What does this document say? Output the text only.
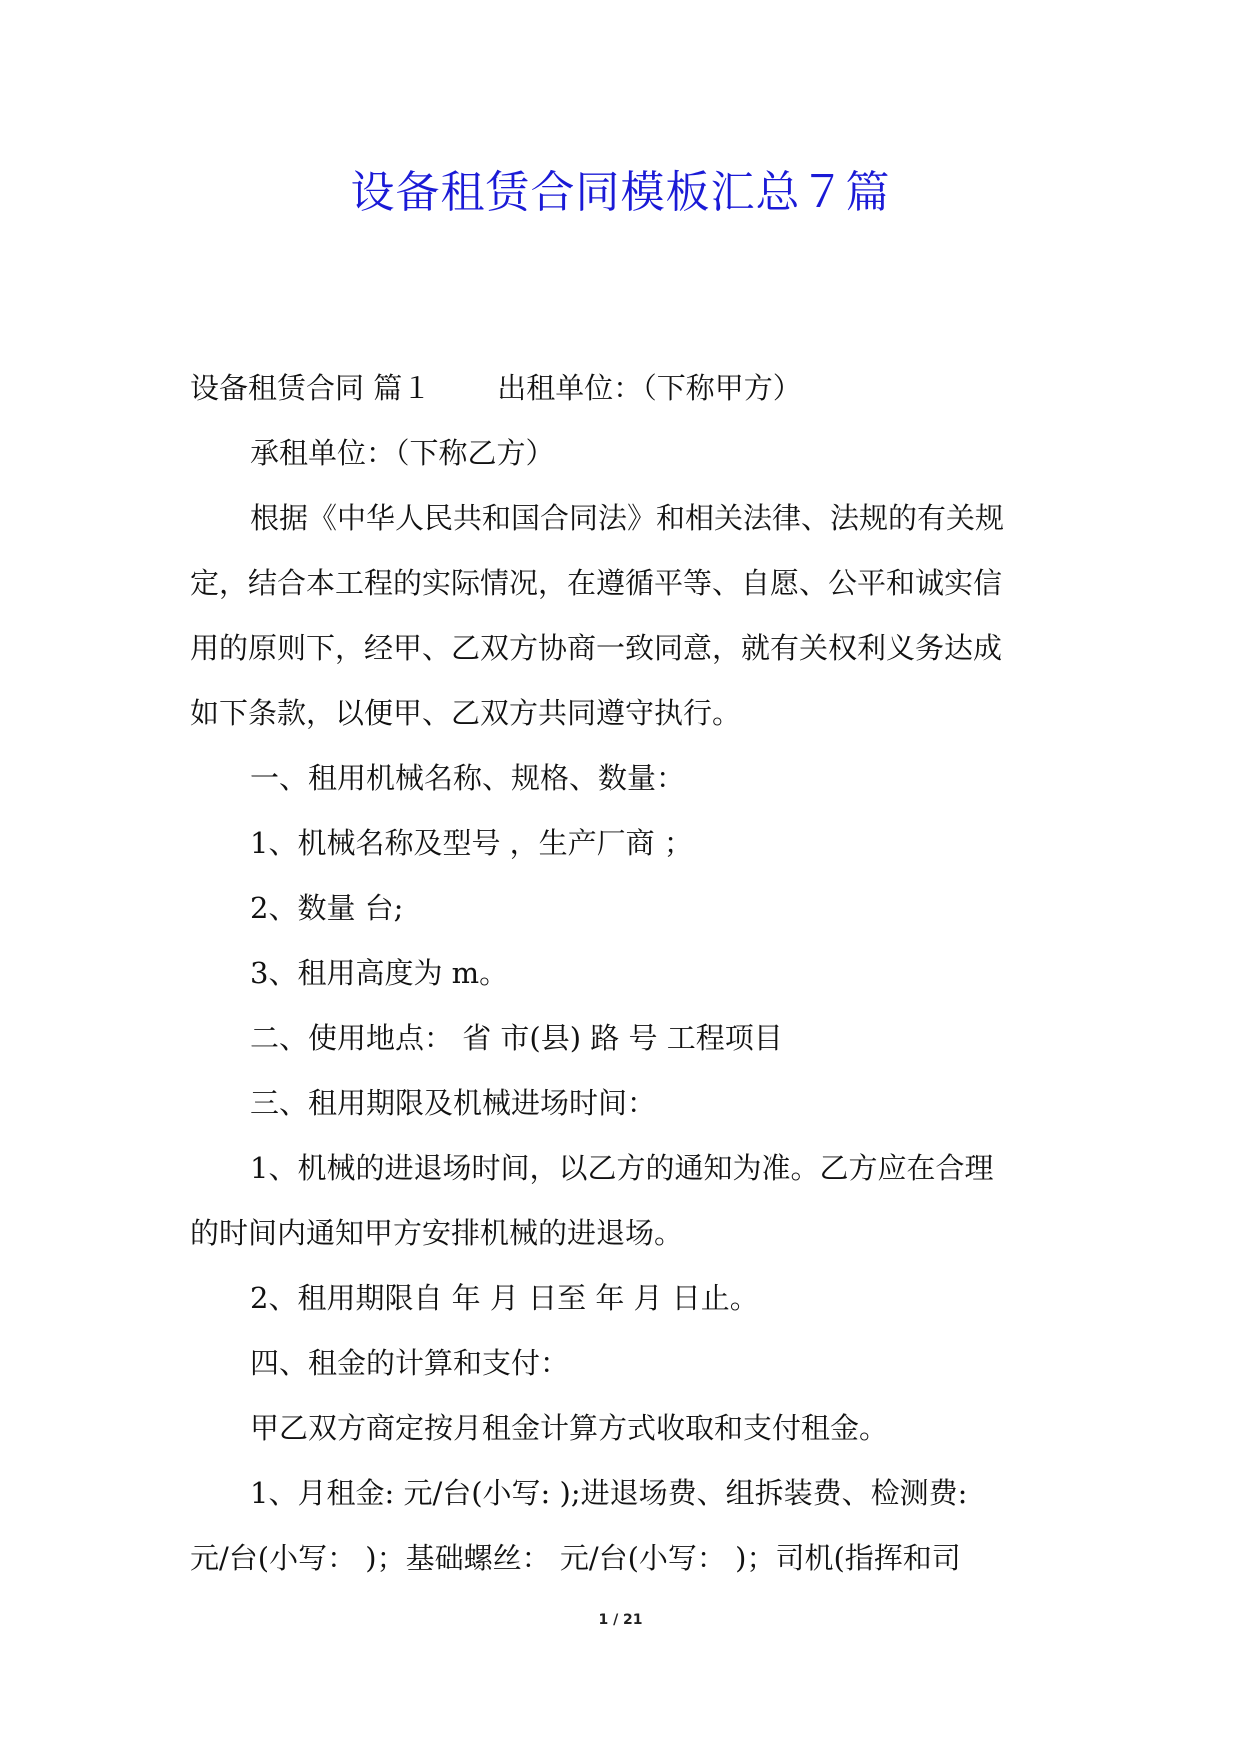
设备租赁合同模板汇总７篇
设备租赁合同 篇１ 出租单位：（下称甲方）
承租单位：（下称乙方）
根据《中华人民共和国合同法》和相关法律、法规的有关规
定，结合本工程的实际情况，在遵循平等、自愿、公平和诚实信
用的原则下，经甲、乙双方协商一致同意，就有关权利义务达成
如下条款，以便甲、乙双方共同遵守执行。
一、租用机械名称、规格、数量：
1、机械名称及型号 ，生产厂商 ；
2、数量 台;
3、租用高度为 m。
二、使用地点： 省 市(县) 路 号 工程项目
三、租用期限及机械进场时间：
1、机械的进退场时间，以乙方的通知为准。乙方应在合理
的时间内通知甲方安排机械的进退场。
2、租用期限自 年 月 日至 年 月 日止。
四、租金的计算和支付：
甲乙双方商定按月租金计算方式收取和支付租金。
1、月租金: 元/台(小写: );进退场费、组拆装费、检测费:
元/台(小写： )；基础螺丝： 元/台(小写： )；司机(指挥和司
1 / 21
